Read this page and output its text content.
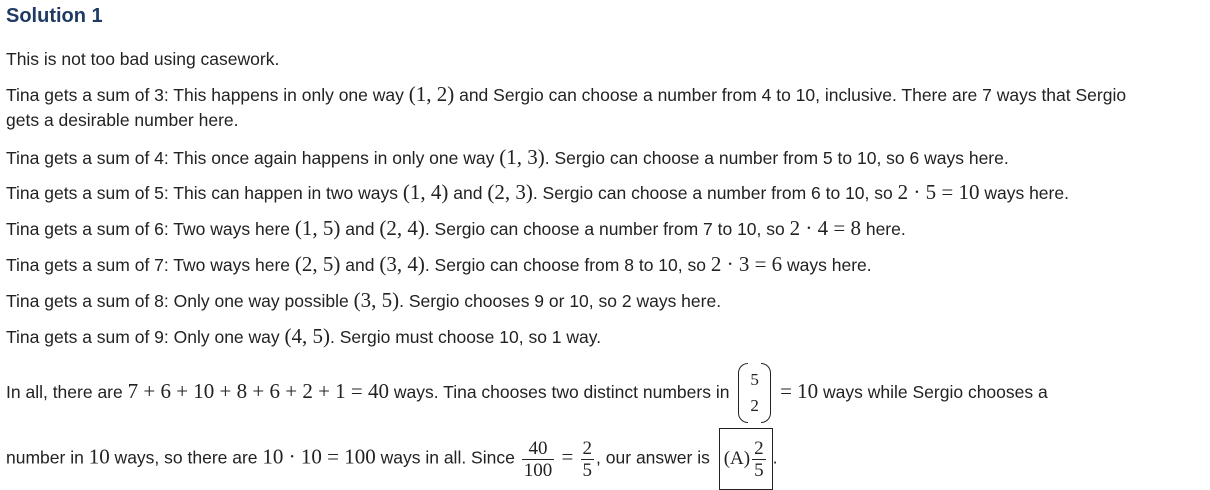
Solution 1
This is not too bad using casework.
Tina gets a sum of 3: This happens in only one way (1, 2) and Sergio can choose a number from 4 to 10, inclusive. There are 7 ways that Sergio
gets a desirable number here.
Tina gets a sum of 4: This once again happens in only one way (1, 3). Sergio can choose a number from 5 to 10, so 6 ways here.
Tina gets a sum of 5: This can happen in two ways (1, 4) and (2, 3). Sergio can choose a number from 6 to 10, so 2 · 5 = 10 ways here.
Tina gets a sum of 6: Two ways here (1, 5) and (2, 4). Sergio can choose a number from 7 to 10, so 2 · 4 = 8 here.
Tina gets a sum of 7: Two ways here (2, 5) and (3, 4). Sergio can choose from 8 to 10, so 2 · 3 = 6 ways here.
Tina gets a sum of 8: Only one way possible (3, 5). Sergio chooses 9 or 10, so 2 ways here.
Tina gets a sum of 9: Only one way (4, 5). Sergio must choose 10, so 1 way.
In all, there are 7 + 6 + 10 + 8 + 6 + 2 + 1 = 40 ways. Tina chooses two distinct numbers in
5
2
= 10 ways while Sergio chooses a
number in 10 ways, so there are 10 · 10 = 100 ways in all. Since $\frac{40}{100} = \frac{2}{5}$ , our answer is $(A) \frac{2}{5}$ .
